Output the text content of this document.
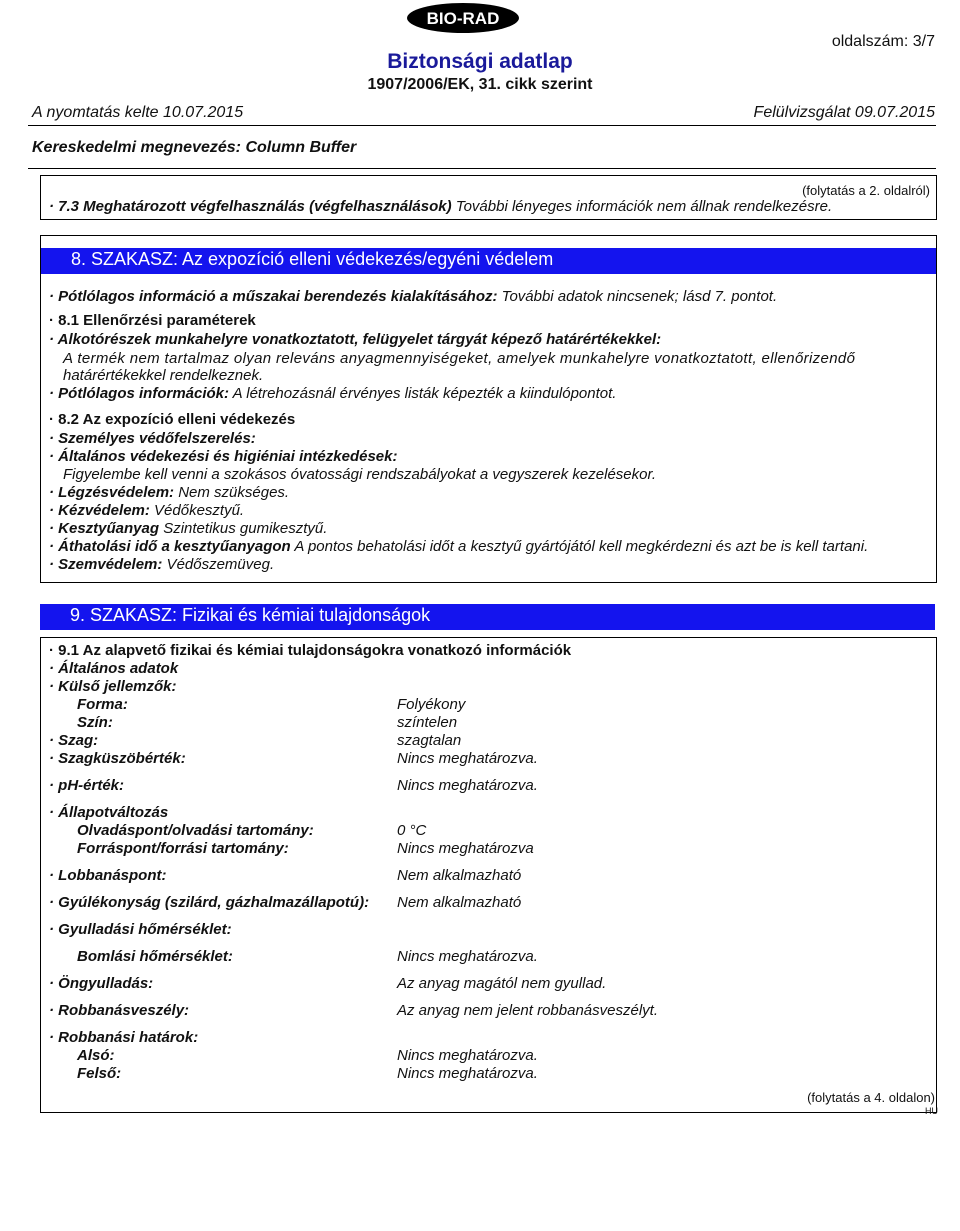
BIO-RAD
oldalszám: 3/7
Biztonsági adatlap
1907/2006/EK, 31. cikk szerint
A nyomtatás kelte 10.07.2015	Felülvizsgálat 09.07.2015
Kereskedelmi megnevezés: Column Buffer
(folytatás a 2. oldalról)
· 7.3 Meghatározott végfelhasználás (végfelhasználások) További lényeges információk nem állnak rendelkezésre.
8. SZAKASZ: Az expozíció elleni védekezés/egyéni védelem
· Pótlólagos információ a műszakai berendezés kialakításához: További adatok nincsenek; lásd 7. pontot.
· 8.1 Ellenőrzési paraméterek
· Alkotórészek munkahelyre vonatkoztatott, felügyelet tárgyát képező határértékekkel:
A termék nem tartalmaz olyan releváns anyagmennyiségeket, amelyek munkahelyre vonatkoztatott, ellenőrizendő
határértékekkel rendelkeznek.
· Pótlólagos információk: A létrehozásnál érvényes listák képezték a kiindulópontot.
· 8.2 Az expozíció elleni védekezés
· Személyes védőfelszerelés:
· Általános védekezési és higiéniai intézkedések:
Figyelembe kell venni a szokásos óvatossági rendszabályokat a vegyszerek kezelésekor.
· Légzésvédelem: Nem szükséges.
· Kézvédelem: Védőkesztyű.
· Kesztyűanyag Szintetikus gumikesztyű.
· Áthatolási idő a kesztyűanyagon A pontos behatolási időt a kesztyű gyártójától kell megkérdezni és azt be is kell tartani.
· Szemvédelem: Védőszemüveg.
9. SZAKASZ: Fizikai és kémiai tulajdonságok
· 9.1 Az alapvető fizikai és kémiai tulajdonságokra vonatkozó információk
· Általános adatok
· Külső jellemzők:
Forma:	Folyékony
Szín:	színtelen
· Szag:	szagtalan
· Szagküszöbérték:	Nincs meghatározva.
· pH-érték:	Nincs meghatározva.
· Állapotváltozás
Olvadáspont/olvadási tartomány:	0 °C
Forráspont/forrási tartomány:	Nincs meghatározva
· Lobbanáspont:	Nem alkalmazható
· Gyúlékonyság (szilárd, gázhalmazállapotú): Nem alkalmazható
· Gyulladási hőmérséklet:
Bomlási hőmérséklet:	Nincs meghatározva.
· Öngyulladás:	Az anyag magától nem gyullad.
· Robbanásveszély:	Az anyag nem jelent robbanásveszélyt.
· Robbanási határok:
Alsó:	Nincs meghatározva.
Felső:	Nincs meghatározva.
(folytatás a 4. oldalon)
HU
